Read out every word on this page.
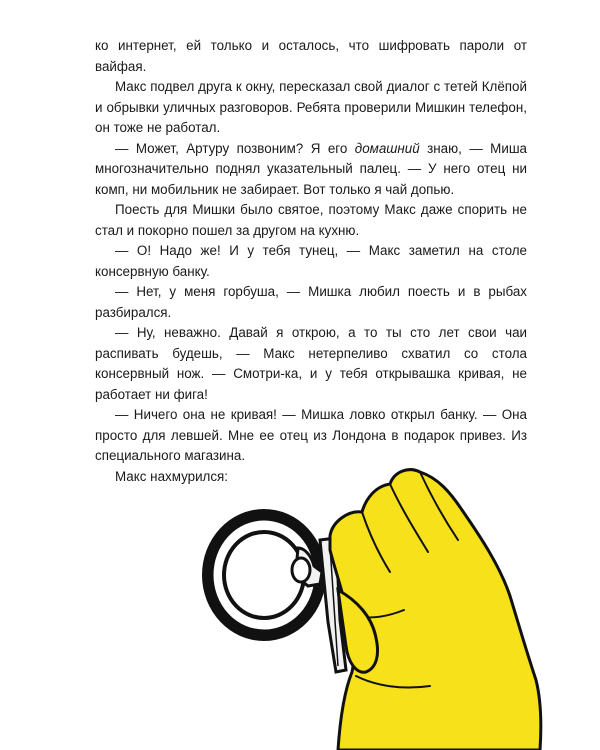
ко интернет, ей только и осталось, что шифровать пароли от вайфая.

Макс подвел друга к окну, пересказал свой диалог с тетей Клёпой и обрывки уличных разговоров. Ребята проверили Мишкин телефон, он тоже не работал.

— Может, Артуру позвоним? Я его домашний знаю, — Миша многозначительно поднял указательный палец. — У него отец ни комп, ни мобильник не забирает. Вот только я чай допью.

Поесть для Мишки было святое, поэтому Макс даже спорить не стал и покорно пошел за другом на кухню.

— О! Надо же! И у тебя тунец, — Макс заметил на столе консервную банку.

— Нет, у меня горбуша, — Мишка любил поесть и в рыбах разбирался.

— Ну, неважно. Давай я открою, а то ты сто лет свои чаи распивать будешь, — Макс нетерпеливо схватил со стола консервный нож. — Смотри-ка, и у тебя открывашка кривая, не работает ни фига!

— Ничего она не кривая! — Мишка ловко открыл банку. — Она просто для левшей. Мне ее отец из Лондона в подарок привез. Из специального магазина.

Макс нахмурился:
